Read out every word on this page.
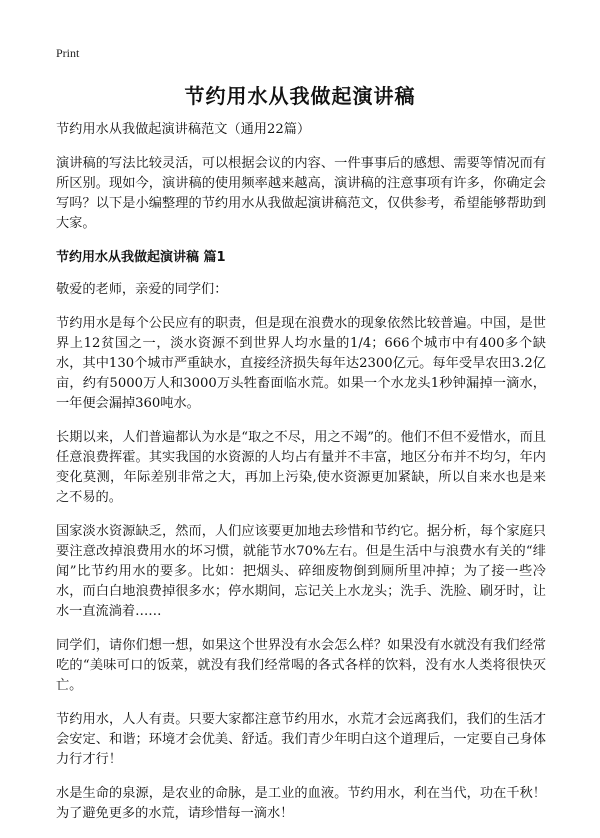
Print
节约用水从我做起演讲稿

节约用水从我做起演讲稿范文（通用22篇）

演讲稿的写法比较灵活，可以根据会议的内容、一件事事后的感想、需要等情况而有所区别。现如今，演讲稿的使用频率越来越高，演讲稿的注意事项有许多，你确定会写吗？以下是小编整理的节约用水从我做起演讲稿范文，仅供参考，希望能够帮助到大家。

节约用水从我做起演讲稿 篇1

敬爱的老师，亲爱的同学们：

节约用水是每个公民应有的职责，但是现在浪费水的现象依然比较普遍。中国，是世界上12贫国之一，淡水资源不到世界人均水量的1/4；666个城市中有400多个缺水，其中130个城市严重缺水，直接经济损失每年达2300亿元。每年受旱农田3.2亿亩，约有5000万人和3000万头牲畜面临水荒。如果一个水龙头1秒钟漏掉一滴水，一年便会漏掉360吨水。

长期以来，人们普遍都认为水是“取之不尽，用之不竭”的。他们不但不爱惜水，而且任意浪费挥霍。其实我国的水资源的人均占有量并不丰富，地区分布并不均匀，年内变化莫测，年际差别非常之大，再加上污染,使水资源更加紧缺，所以自来水也是来之不易的。

国家淡水资源缺乏，然而，人们应该要更加地去珍惜和节约它。据分析，每个家庭只要注意改掉浪费用水的坏习惯，就能节水70%左右。但是生活中与浪费水有关的“绯闻”比节约用水的要多。比如：把烟头、碎细废物倒到厕所里冲掉；为了接一些冷水，而白白地浪费掉很多水；停水期间，忘记关上水龙头；洗手、洗脸、刷牙时，让水一直流淌着……

同学们，请你们想一想，如果这个世界没有水会怎么样？如果没有水就没有我们经常吃的“美味可口的饭菜，就没有我们经常喝的各式各样的饮料，没有水人类将很快灭亡。

节约用水，人人有责。只要大家都注意节约用水，水荒才会远离我们，我们的生活才会安定、和谐；环境才会优美、舒适。我们青少年明白这个道理后，一定要自己身体力行才行！

水是生命的泉源，是农业的命脉，是工业的血液。节约用水，利在当代，功在千秋！为了避免更多的水荒，请珍惜每一滴水！
